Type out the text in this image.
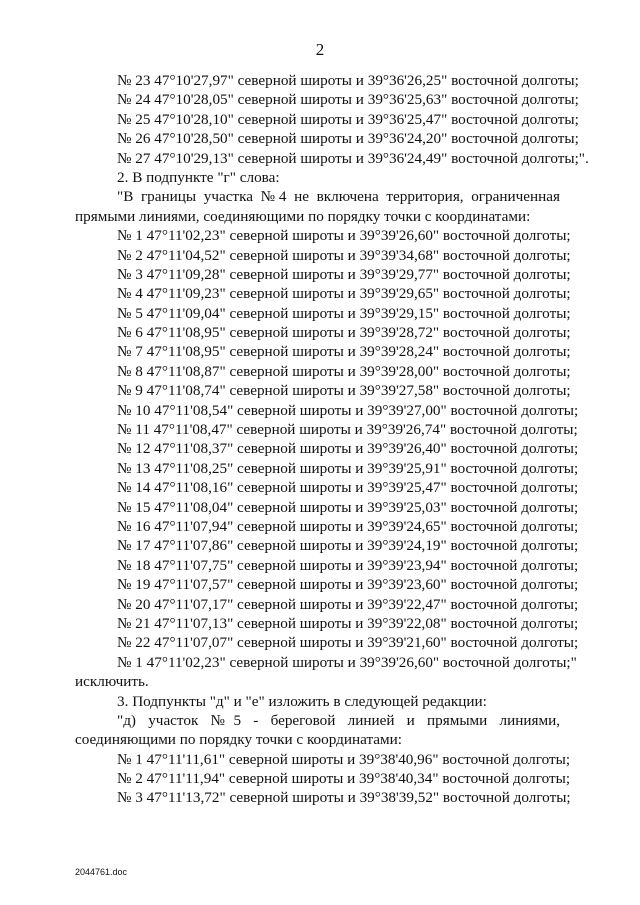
2
№ 23 47°10'27,97" северной широты и 39°36'26,25" восточной долготы;
№ 24 47°10'28,05" северной широты и 39°36'25,63" восточной долготы;
№ 25 47°10'28,10" северной широты и 39°36'25,47" восточной долготы;
№ 26 47°10'28,50" северной широты и 39°36'24,20" восточной долготы;
№ 27 47°10'29,13" северной широты и 39°36'24,49" восточной долготы;".
2. В подпункте "г" слова:
"В границы участка №4 не включена территория, ограниченная
прямыми линиями, соединяющими по порядку точки с координатами:
№ 1 47°11'02,23" северной широты и 39°39'26,60" восточной долготы;
№ 2 47°11'04,52" северной широты и 39°39'34,68" восточной долготы;
№ 3 47°11'09,28" северной широты и 39°39'29,77" восточной долготы;
№ 4 47°11'09,23" северной широты и 39°39'29,65" восточной долготы;
№ 5 47°11'09,04" северной широты и 39°39'29,15" восточной долготы;
№ 6 47°11'08,95" северной широты и 39°39'28,72" восточной долготы;
№ 7 47°11'08,95" северной широты и 39°39'28,24" восточной долготы;
№ 8 47°11'08,87" северной широты и 39°39'28,00" восточной долготы;
№ 9 47°11'08,74" северной широты и 39°39'27,58" восточной долготы;
№ 10 47°11'08,54" северной широты и 39°39'27,00" восточной долготы;
№ 11 47°11'08,47" северной широты и 39°39'26,74" восточной долготы;
№ 12 47°11'08,37" северной широты и 39°39'26,40" восточной долготы;
№ 13 47°11'08,25" северной широты и 39°39'25,91" восточной долготы;
№ 14 47°11'08,16" северной широты и 39°39'25,47" восточной долготы;
№ 15 47°11'08,04" северной широты и 39°39'25,03" восточной долготы;
№ 16 47°11'07,94" северной широты и 39°39'24,65" восточной долготы;
№ 17 47°11'07,86" северной широты и 39°39'24,19" восточной долготы;
№ 18 47°11'07,75" северной широты и 39°39'23,94" восточной долготы;
№ 19 47°11'07,57" северной широты и 39°39'23,60" восточной долготы;
№ 20 47°11'07,17" северной широты и 39°39'22,47" восточной долготы;
№ 21 47°11'07,13" северной широты и 39°39'22,08" восточной долготы;
№ 22 47°11'07,07" северной широты и 39°39'21,60" восточной долготы;
№ 1 47°11'02,23" северной широты и 39°39'26,60" восточной долготы;"
исключить.
3. Подпункты "д" и "е" изложить в следующей редакции:
"д) участок №5 - береговой линией и прямыми линиями,
соединяющими по порядку точки с координатами:
№ 1 47°11'11,61" северной широты и 39°38'40,96" восточной долготы;
№ 2 47°11'11,94" северной широты и 39°38'40,34" восточной долготы;
№ 3 47°11'13,72" северной широты и 39°38'39,52" восточной долготы;
2044761.doc
